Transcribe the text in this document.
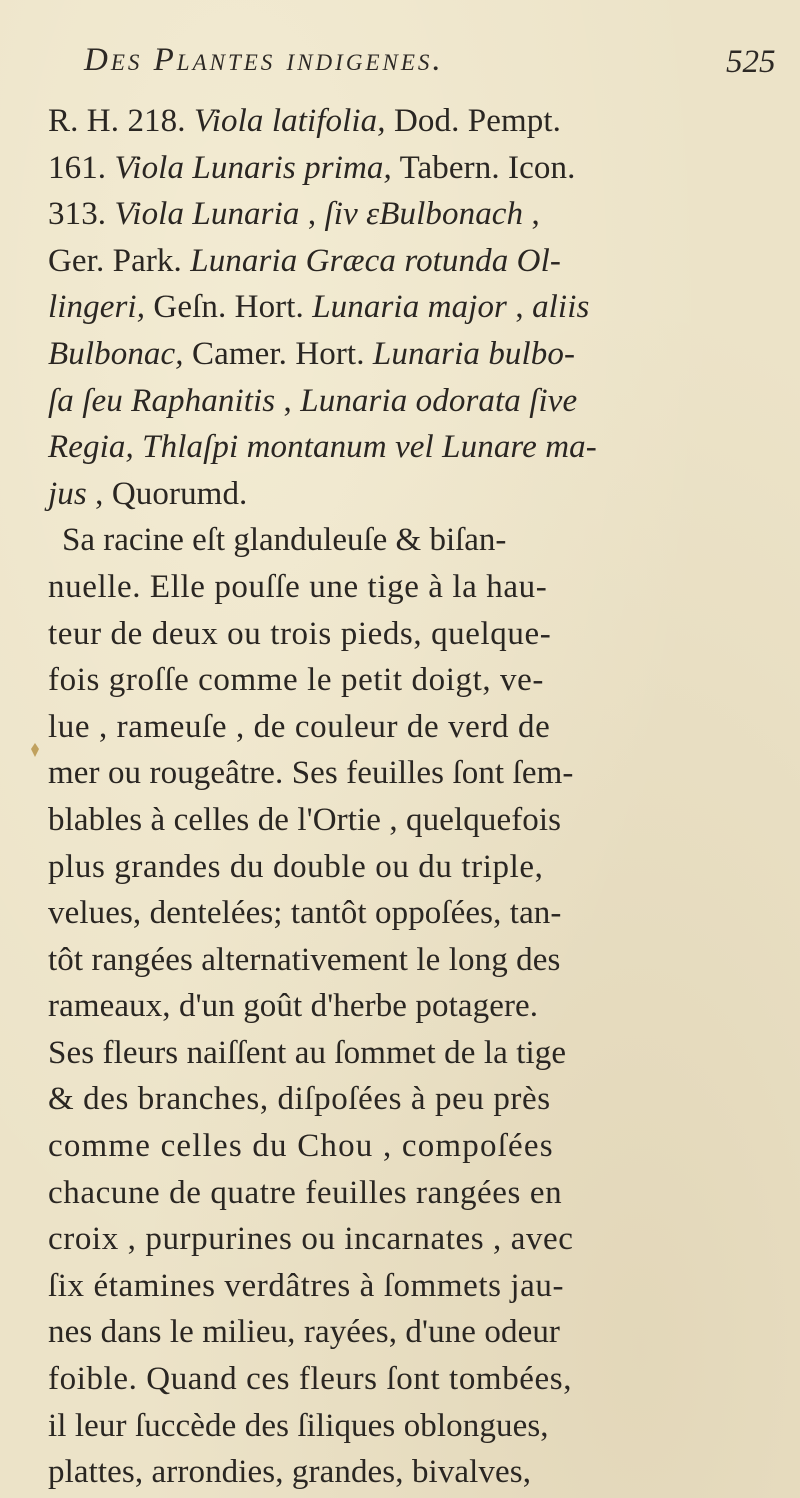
Des Plantes indigenes.	525
R. H. 218. Viola latifolia, Dod. Pempt.
161. Viola Lunaris prima, Tabern. Icon.
313. Viola Lunaria , ſiv εBulbonach ,
Ger. Park. Lunaria Græca rotunda Ol-
lingeri, Geſn. Hort. Lunaria major , aliis
Bulbonac, Camer. Hort. Lunaria bulbo-
ſa ſeu Raphanitis , Lunaria odorata ſive
Regia, Thlaſpi montanum vel Lunare ma-
jus , Quorumd.
Sa racine eſt glanduleuſe & biſan-
nuelle. Elle pouſſe une tige à la hau-
teur de deux ou trois pieds, quelque-
fois groſſe comme le petit doigt, ve-
lue , rameuſe , de couleur de verd de
mer ou rougeâtre. Ses feuilles ſont ſem-
blables à celles de l'Ortie , quelquefois
plus grandes du double ou du triple,
velues, dentelées; tantôt oppoſées, tan-
tôt rangées alternativement le long des
rameaux, d'un goût d'herbe potagere.
Ses fleurs naiſſent au ſommet de la tige
& des branches, diſpoſées à peu près
comme celles du Chou , compoſées
chacune de quatre feuilles rangées en
croix , purpurines ou incarnates , avec
ſix étamines verdâtres à ſommets jau-
nes dans le milieu, rayées, d'une odeur
foible. Quand ces fleurs ſont tombées,
il leur ſuccède des ſiliques oblongues,
plattes, arrondies, grandes, bivalves,
